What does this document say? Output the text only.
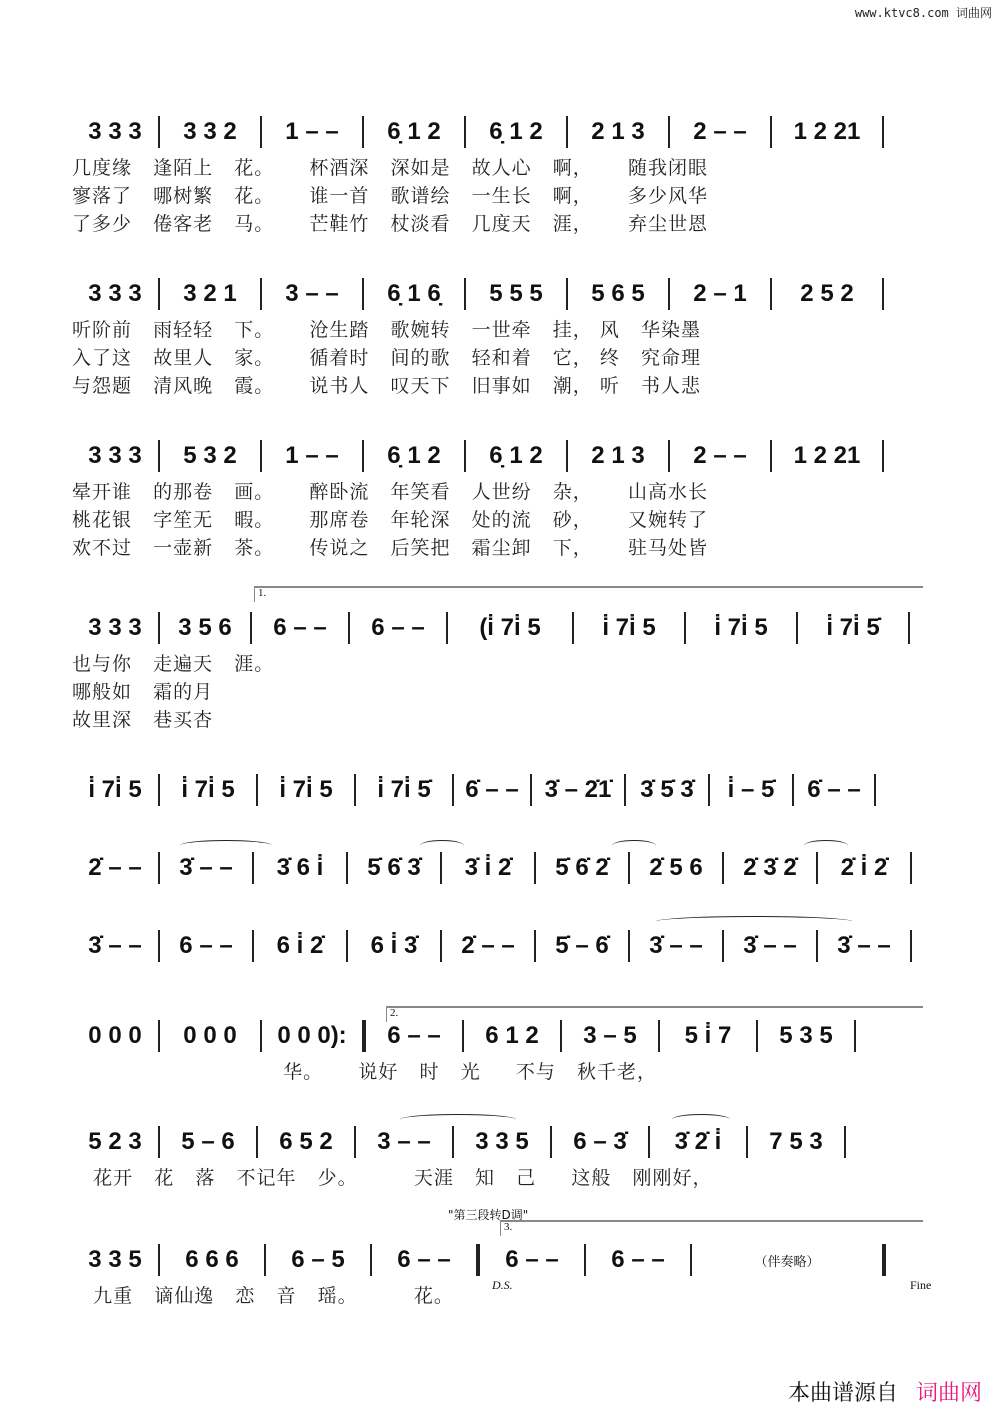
www.ktvc8.com 词曲网
3 3 3	3 3 2	1 – –	6̣ 1 2	6̣ 1 2	2 1 3	2 – –	1 2 21
几度缘   逢陌上   花。     杯酒深   深如是   故人心   啊，     随我闭眼
寥落了   哪树繁   花。     谁一首   歌谱绘   一生长   啊，     多少风华
了多少   倦客老   马。     芒鞋竹   杖淡看   几度天   涯，     弃尘世恩
3 3 3	3 2 1	3 – –	6̣ 1 6̣	5 5 5	5 6 5	2 – 1	2 5 2
听阶前   雨轻轻   下。     沧生踏   歌婉转   一世牵   挂， 风   华染墨
入了这   故里人   家。     循着时   间的歌   轻和着   它， 终   究命理
与怨题   清风晚   霞。     说书人   叹天下   旧事如   潮， 听   书人悲
3 3 3	5 3 2	1 – –	6̣ 1 2	6̣ 1 2	2 1 3	2 – –	1 2 21
晕开谁   的那卷   画。     醉卧流   年笑看   人世纷   杂，     山高水长
桃花银   字笙无   暇。     那席卷   年轮深   处的流   砂，     又婉转了
欢不过   一壶新   茶。     传说之   后笑把   霜尘卸   下，     驻马处皆
1.
3 3 3	3 5 6	6 – –	6 – –	(i̇ 7i̇ 5	i̇ 7i̇ 5	i̇ 7i̇ 5	i̇ 7i̇ 5̇
也与你   走遍天   涯。
哪般如   霜的月
故里深   巷买杏
i̇ 7i̇ 5	i̇ 7i̇ 5	i̇ 7i̇ 5	i̇ 7i̇ 5̇	6̇ – –	3̇ – 2̇1̇	3̇ 5̇ 3̇	i̇ – 5̇	6̇ – –
2̇ – –	3̇ – –	3̇ 6 i̇	5̇ 6̇ 3̇	3̇ i̇ 2̇	5̇ 6̇ 2̇	2̇ 5 6	2̇ 3̇ 2̇	2̇ i̇ 2̇
3̇ – –	6 – –	6 i̇ 2̇	6 i̇ 3̇	2̇ – –	5̇ – 6̇	3̇ – –	3̇ – –	3̇ – –
2.
0 0 0	0 0 0	0 0 0):	6 – –	6 1 2	3 – 5	5 i̇ 7	5 3 5
华。     说好   时   光     不与   秋千老，
5 2 3	5 – 6	6 5 2	3 – –	3 3 5	6 – 3̇	3̇ 2̇ i̇	7 5 3
花开   花   落   不记年   少。        天涯   知   己     这般   刚刚好，
"第三段转D调"
3.
3 3 5	6 6 6	6 – 5	6 – –	6 – –	6 – –	（伴奏略）
九重   谪仙逸   恋   音   瑶。        花。	D.S.	Fine
本曲谱源自 词曲网
